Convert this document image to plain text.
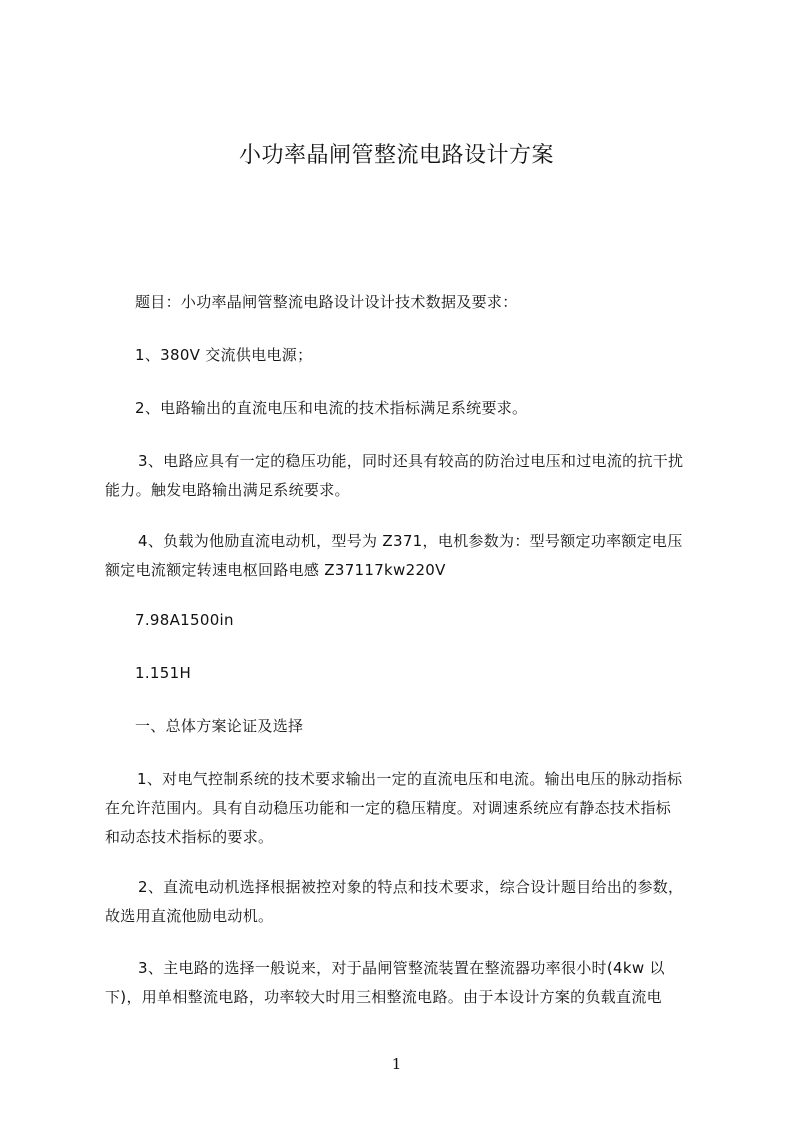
小功率晶闸管整流电路设计方案
题目：小功率晶闸管整流电路设计设计技术数据及要求：
1、380V 交流供电电源；
2、电路输出的直流电压和电流的技术指标满足系统要求。
3、电路应具有一定的稳压功能，同时还具有较高的防治过电压和过电流的抗干扰
能力。触发电路输出满足系统要求。
4、负载为他励直流电动机，型号为 Z371，电机参数为：型号额定功率额定电压
额定电流额定转速电枢回路电感 Z37117kw220V
7.98A1500in
1.151H
一、总体方案论证及选择
1、对电气控制系统的技术要求输出一定的直流电压和电流。输出电压的脉动指标
在允许范围内。具有自动稳压功能和一定的稳压精度。对调速系统应有静态技术指标
和动态技术指标的要求。
2、直流电动机选择根据被控对象的特点和技术要求，综合设计题目给出的参数，
故选用直流他励电动机。
3、主电路的选择一般说来，对于晶闸管整流装置在整流器功率很小时(4kw 以
下)，用单相整流电路，功率较大时用三相整流电路。由于本设计方案的负载直流电
1
